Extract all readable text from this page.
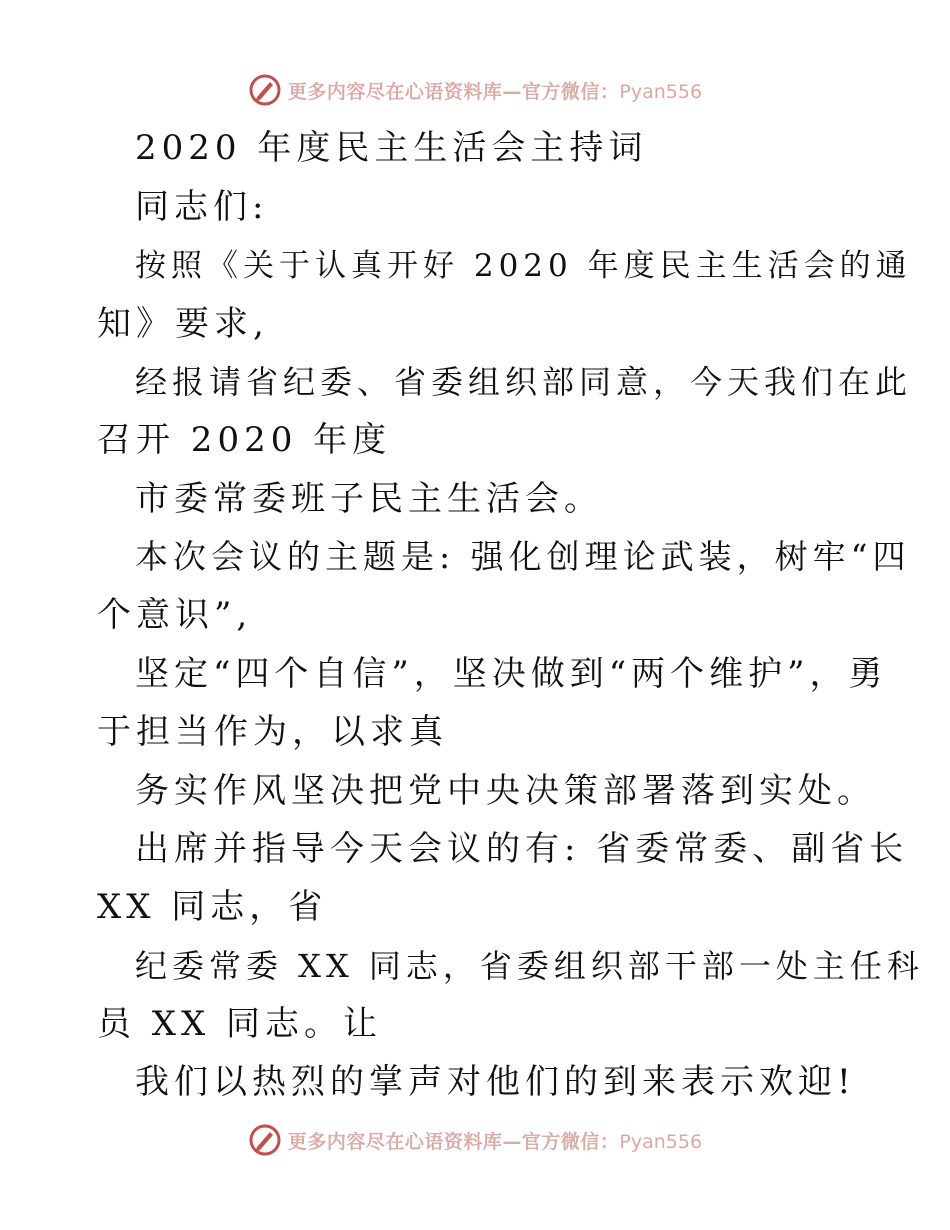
更多内容尽在心语资料库—官方微信：Pyan556
2020 年度民主生活会主持词
同志们:
按照《关于认真开好 2020 年度民主生活会的通
知》要求,
经报请省纪委、省委组织部同意，今天我们在此
召开 2020 年度
市委常委班子民主生活会。
本次会议的主题是: 强化创理论武装，树牢“四
个意识”,
坚定“四个自信”，坚决做到“两个维护”，勇
于担当作为，以求真
务实作风坚决把党中央决策部署落到实处。
出席并指导今天会议的有: 省委常委、副省长
XX 同志，省
纪委常委 XX 同志，省委组织部干部一处主任科
员 XX 同志。让
我们以热烈的掌声对他们的到来表示欢迎!
更多内容尽在心语资料库—官方微信：Pyan556
